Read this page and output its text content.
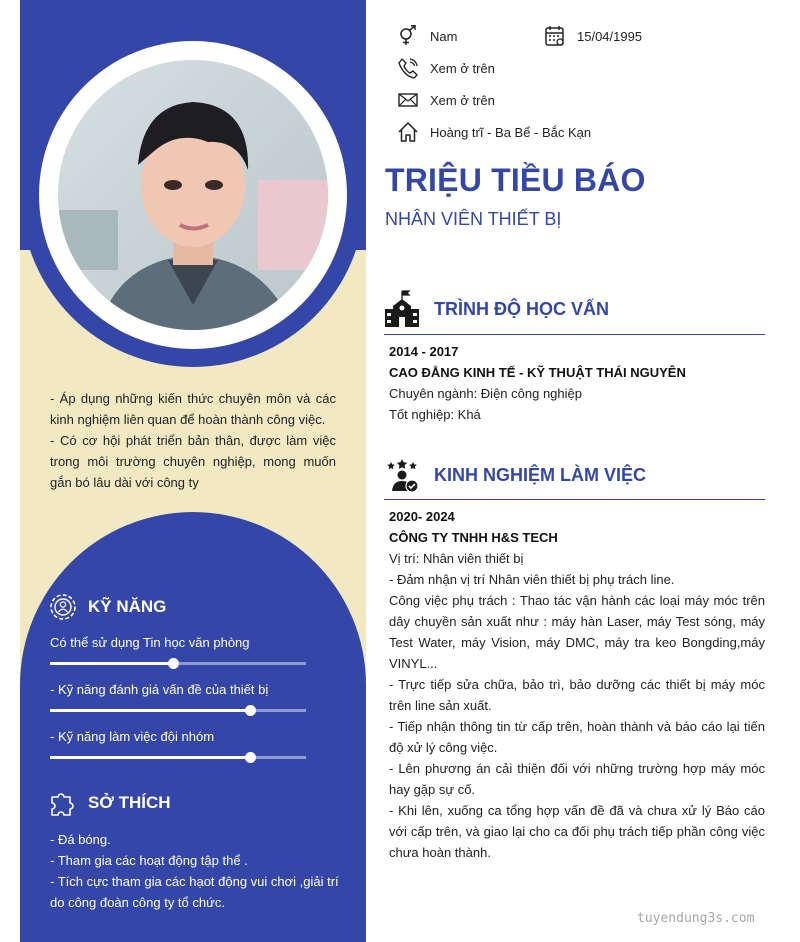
- Áp dụng những kiến thức chuyên môn và các kinh nghiệm liên quan để hoàn thành công việc.

- Có cơ hội phát triển bản thân, được làm việc trong môi trường chuyên nghiệp, mong muốn gắn bó lâu dài với công ty

KỸ NĂNG
Có thể sử dụng Tin học văn phòng
- Kỹ năng đánh giá vấn đề của thiết bị
- Kỹ năng làm việc đội nhóm
SỞ THÍCH

- Đá bóng.

- Tham gia các hoạt động tập thể .

- Tích cực tham gia các hạot động vui chơi ,giải trí do công đoàn công ty tổ chức.

Nam	15/04/1995
Xem ở trên
Xem ở trên
Hoàng trĩ - Ba Bể - Bắc Kạn
TRIỆU TIỀU BÁO
NHÂN VIÊN THIẾT BỊ
TRÌNH ĐỘ HỌC VẤN

2014 - 2017

CAO ĐẲNG KINH TẾ - KỸ THUẬT THÁI NGUYÊN

Chuyên ngành: Điện công nghiệp

Tốt nghiệp: Khá

KINH NGHIỆM LÀM VIỆC

2020- 2024

CÔNG TY TNHH H&S TECH

Vị trí: Nhân viên thiết bị

- Đảm nhận vị trí Nhân viên thiết bị phụ trách line.

Công việc phụ trách : Thao tác vận hành các loại máy móc trên dây chuyền sản xuất như : máy hàn Laser, máy Test sóng, máy Test Water, máy Vision, máy DMC, máy tra keo Bongding,máy VINYL...

- Trực tiếp sửa chữa, bảo trì, bảo dưỡng các thiết bị máy móc trên line sản xuất.

- Tiếp nhận thông tin từ cấp trên, hoàn thành và báo cáo lại tiến độ xử lý công việc.

- Lên phương án cải thiện đối với những trường hợp máy móc hay gặp sự cố.

- Khi lên, xuống ca tổng hợp vấn đề đã và chưa xử lý Báo cáo với cấp trên, và giao lại cho ca đối phụ trách tiếp phần công việc chưa hoàn thành.

tuyendung3s.com
